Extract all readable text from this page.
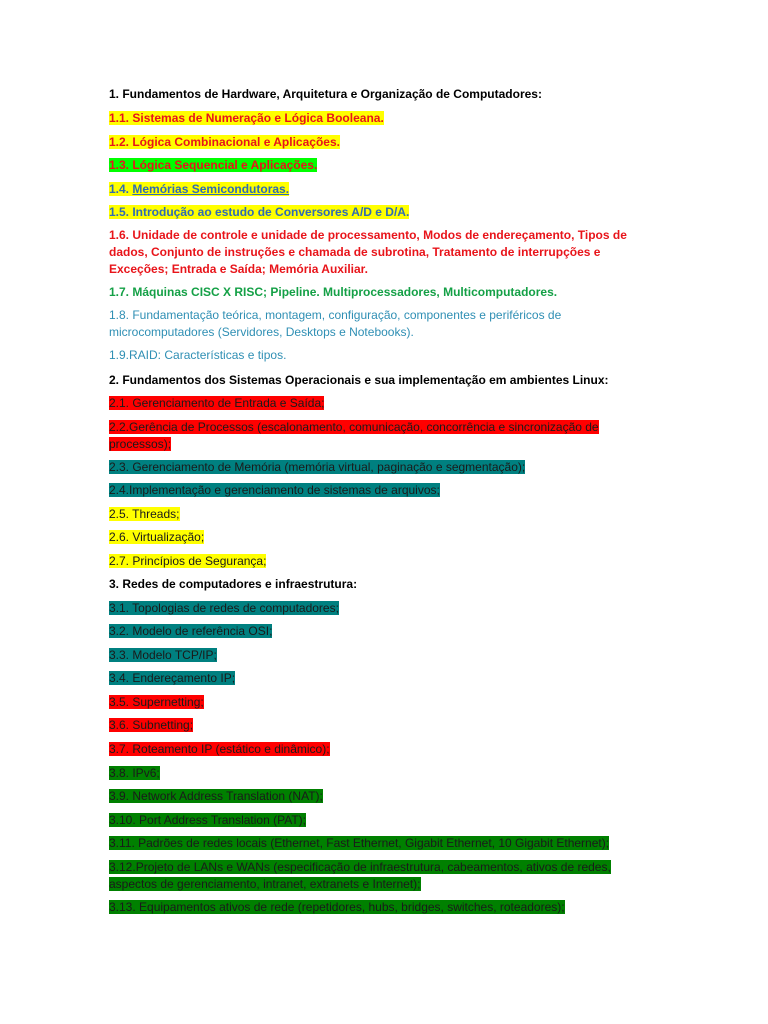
1. Fundamentos de Hardware, Arquitetura e Organização de Computadores:
1.1. Sistemas de Numeração e Lógica Booleana.
1.2. Lógica Combinacional e Aplicações.
1.3. Lógica Sequencial e Aplicações.
1.4. Memórias Semicondutoras.
1.5. Introdução ao estudo de Conversores A/D e D/A.
1.6. Unidade de controle e unidade de processamento, Modos de endereçamento, Tipos de dados, Conjunto de instruções e chamada de subrotina, Tratamento de interrupções e Exceções; Entrada e Saída; Memória Auxiliar.
1.7. Máquinas CISC X RISC; Pipeline. Multiprocessadores, Multicomputadores.
1.8. Fundamentação teórica, montagem, configuração, componentes e periféricos de microcomputadores (Servidores, Desktops e Notebooks).
1.9.RAID: Características e tipos.
2. Fundamentos dos Sistemas Operacionais e sua implementação em ambientes Linux:
2.1. Gerenciamento de Entrada e Saída;
2.2.Gerência de Processos (escalonamento, comunicação, concorrência e sincronização de processos);
2.3. Gerenciamento de Memória (memória virtual, paginação e segmentação);
2.4.Implementação e gerenciamento de sistemas de arquivos;
2.5. Threads;
2.6. Virtualização;
2.7. Princípios de Segurança;
3. Redes de computadores e infraestrutura:
3.1. Topologias de redes de computadores;
3.2. Modelo de referência OSI;
3.3. Modelo TCP/IP;
3.4. Endereçamento IP;
3.5. Supernetting;
3.6. Subnetting;
3.7. Roteamento IP (estático e dinâmico);
3.8. IPv6;
3.9. Network Address Translation (NAT);
3.10. Port Address Translation (PAT);
3.11. Padrões de redes locais (Ethernet, Fast Ethernet, Gigabit Ethernet, 10 Gigabit Ethernet);
3.12.Projeto de LANs e WANs (especificação de infraestrutura, cabeamentos, ativos de redes, aspectos de gerenciamento, intranet, extranets e Internet);
3.13. Equipamentos ativos de rede (repetidores, hubs, bridges, switches, roteadores);
